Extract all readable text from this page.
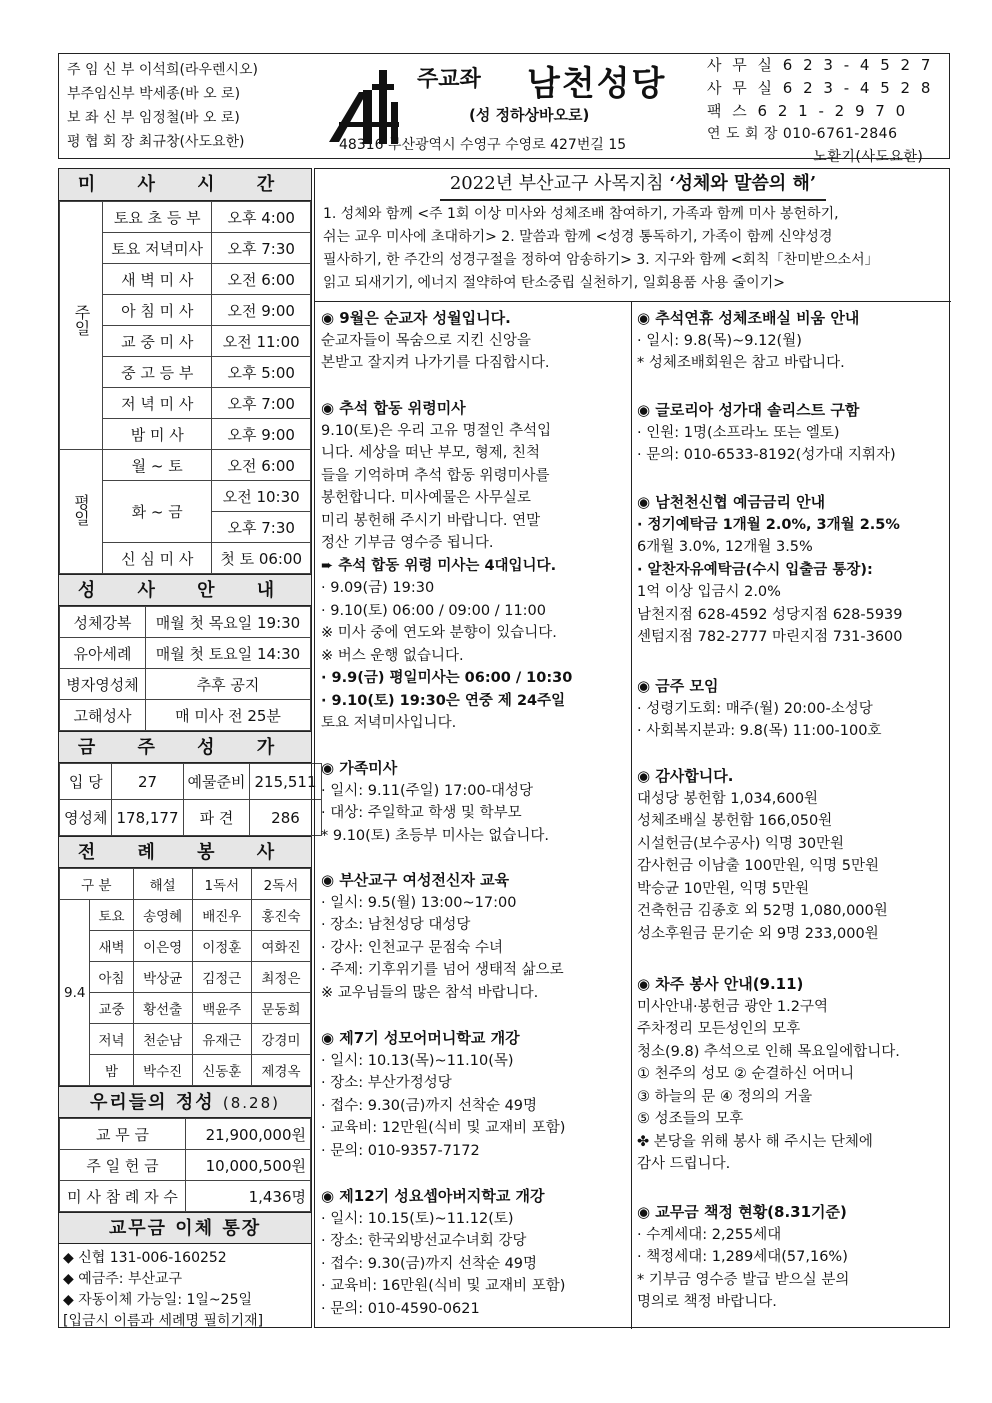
주 임 신 부 이석희(라우렌시오)
부주임신부 박세종(바 오 로)
보 좌 신 부 임정철(바 오 로)
평 협 회 장 최규창(사도요한)
주교좌 남천성당
(성 정하상바오로)
48316 부산광역시 수영구 수영로 427번길 15
사 무 실 6 2 3 - 4 5 2 7
사 무 실 6 2 3 - 4 5 2 8
팩 스 6 2 1 - 2 9 7 0
연 도 회 장 010-6761-2846
노환기(사도요한)
미 사 시 간
주일	토요 초 등 부	오후 4:00
	토요 저녁미사	오후 7:30
	새 벽 미 사	오전 6:00
	아 침 미 사	오전 9:00
	교 중 미 사	오전 11:00
	중 고 등 부	오후 5:00
	저 녁 미 사	오후 7:00
	밤 미 사	오후 9:00
평일	월 ~ 토	오전 6:00
	화 ~ 금	오전 10:30
		오후 7:30
	신 심 미 사	첫 토 06:00
성 사 안 내
성체강복	매월 첫 목요일 19:30
유아세례	매월 첫 토요일 14:30
병자영성체	추후 공지
고해성사	매 미사 전 25분
금 주 성 가
입 당	27	예물준비	215,511
영성체	178,177	파 견	286
전 례 봉 사
구 분		해설	1독서	2독서
9.4	토요	송영혜	배진우	홍진숙
	새벽	이은영	이정훈	여화진
	아침	박상균	김정근	최정은
	교중	황선출	백윤주	문동희
	저녁	천순남	유재근	강경미
	밤	박수진	신동훈	제경옥
우리들의 정성 (8.28)
교 무 금	21,900,000원
주 일 헌 금	10,000,500원
미 사 참 례 자 수	1,436명
교무금 이체 통장
◆ 신협 131-006-160252
◆ 예금주: 부산교구
◆ 자동이체 가능일: 1일~25일
[입금시 이름과 세례명 필히기재]
2022년 부산교구 사목지침 ‘성체와 말씀의 해’
1. 성체와 함께 <주 1회 이상 미사와 성체조배 참여하기, 가족과 함께 미사 봉헌하기,
쉬는 교우 미사에 초대하기> 2. 말씀과 함께 <성경 통독하기, 가족이 함께 신약성경
필사하기, 한 주간의 성경구절을 정하여 암송하기> 3. 지구와 함께 <회칙「찬미받으소서」
읽고 되새기기, 에너지 절약하여 탄소중립 실천하기, 일회용품 사용 줄이기>
◉ 9월은 순교자 성월입니다.
순교자들이 목숨으로 지킨 신앙을
본받고 잘지켜 나가기를 다짐합시다.
◉ 추석 합동 위령미사
9.10(토)은 우리 고유 명절인 추석입
니다. 세상을 떠난 부모, 형제, 친척
들을 기억하며 추석 합동 위령미사를
봉헌합니다. 미사예물은 사무실로
미리 봉헌해 주시기 바랍니다. 연말
정산 기부금 영수증 됩니다.
➨ 추석 합동 위령 미사는 4대입니다.
· 9.09(금) 19:30
· 9.10(토) 06:00 / 09:00 / 11:00
※ 미사 중에 연도와 분향이 있습니다.
※ 버스 운행 없습니다.
· 9.9(금) 평일미사는 06:00 / 10:30
· 9.10(토) 19:30은 연중 제 24주일
토요 저녁미사입니다.
◉ 가족미사
· 일시: 9.11(주일) 17:00-대성당
· 대상: 주일학교 학생 및 학부모
* 9.10(토) 초등부 미사는 없습니다.
◉ 부산교구 여성전신자 교육
· 일시: 9.5(월) 13:00~17:00
· 장소: 남천성당 대성당
· 강사: 인천교구 문점숙 수녀
· 주제: 기후위기를 넘어 생태적 삶으로
※ 교우님들의 많은 참석 바랍니다.
◉ 제7기 성모어머니학교 개강
· 일시: 10.13(목)~11.10(목)
· 장소: 부산가정성당
· 접수: 9.30(금)까지 선착순 49명
· 교육비: 12만원(식비 및 교재비 포함)
· 문의: 010-9357-7172
◉ 제12기 성요셉아버지학교 개강
· 일시: 10.15(토)~11.12(토)
· 장소: 한국외방선교수녀회 강당
· 접수: 9.30(금)까지 선착순 49명
· 교육비: 16만원(식비 및 교재비 포함)
· 문의: 010-4590-0621
◉ 추석연휴 성체조배실 비움 안내
· 일시: 9.8(목)~9.12(월)
* 성체조배회원은 참고 바랍니다.
◉ 글로리아 성가대 솔리스트 구함
· 인원: 1명(소프라노 또는 엘토)
· 문의: 010-6533-8192(성가대 지휘자)
◉ 남천천신협 예금금리 안내
· 정기예탁금 1개월 2.0%, 3개월 2.5%
6개월 3.0%, 12개월 3.5%
· 알찬자유예탁금(수시 입출금 통장):
1억 이상 입금시 2.0%
남천지점 628-4592 성당지점 628-5939
센텀지점 782-2777 마린지점 731-3600
◉ 금주 모임
· 성령기도회: 매주(월) 20:00-소성당
· 사회복지분과: 9.8(목) 11:00-100호
◉ 감사합니다.
대성당 봉헌함 1,034,600원
성체조배실 봉헌함 166,050원
시설헌금(보수공사) 익명 30만원
감사헌금 이남출 100만원, 익명 5만원
박승균 10만원, 익명 5만원
건축헌금 김종호 외 52명 1,080,000원
성소후원금 문기순 외 9명 233,000원
◉ 차주 봉사 안내(9.11)
미사안내·봉헌금 광안 1.2구역
주차정리 모든성인의 모후
청소(9.8) 추석으로 인해 목요일에합니다.
① 천주의 성모 ② 순결하신 어머니
③ 하늘의 문 ④ 정의의 거울
⑤ 성조들의 모후
✤ 본당을 위해 봉사 해 주시는 단체에
감사 드립니다.
◉ 교무금 책정 현황(8.31기준)
· 수계세대: 2,255세대
· 책정세대: 1,289세대(57,16%)
* 기부금 영수증 발급 받으실 분의
명의로 책정 바랍니다.
